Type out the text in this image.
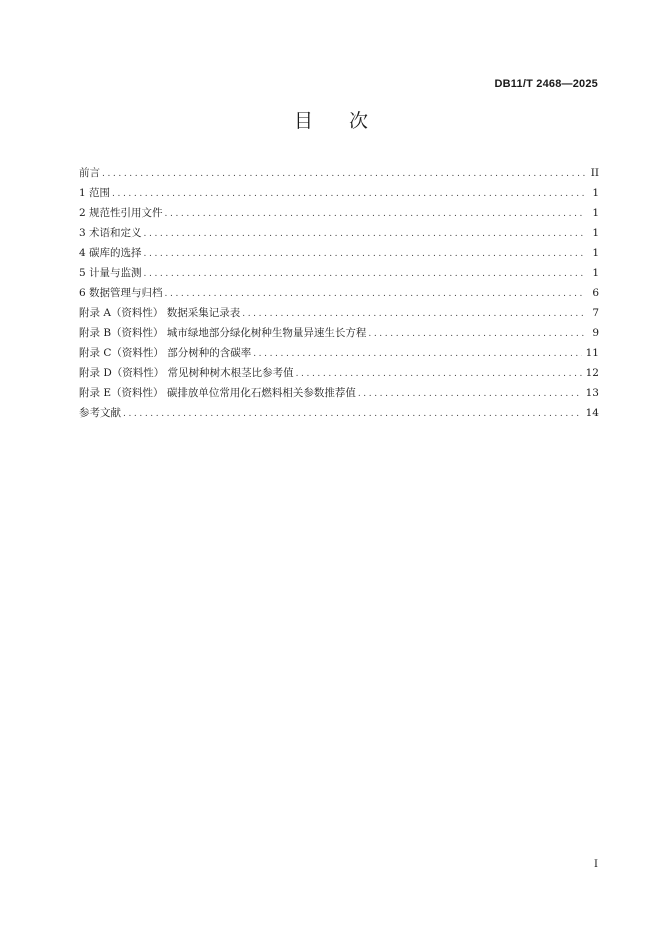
DB11/T 2468—2025
目 次
前言 .....	II
1 范围 .....	1
2 规范性引用文件 .....	1
3 术语和定义 .....	1
4 碳库的选择 .....	1
5 计量与监测 .....	1
6 数据管理与归档 .....	6
附录 A（资料性） 数据采集记录表 .....	7
附录 B（资料性） 城市绿地部分绿化树种生物量异速生长方程 .....	9
附录 C（资料性） 部分树种的含碳率 .....	11
附录 D（资料性） 常见树种树木根茎比参考值 .....	12
附录 E（资料性） 碳排放单位常用化石燃料相关参数推荐值 .....	13
参考文献 .....	14
I
